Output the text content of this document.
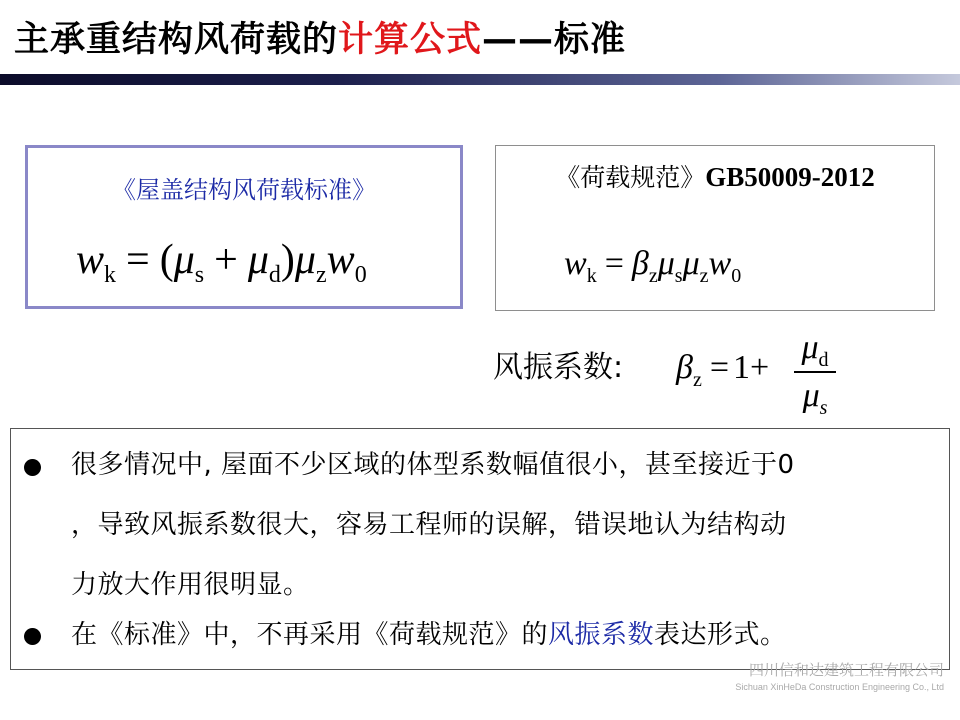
主承重结构风荷载的计算公式——标准
《屋盖结构风荷载标准》
$w_k = (\mu_s + \mu_d)\mu_zw_0$
《荷载规范》GB50009-2012
$w_k = \beta_z\mu_s\mu_zw_0$
风振系数: $\beta_z = 1+$
$\mu_d$
$\mu_s$
很多情况中, 屋面不少区域的体型系数幅值很小，甚至接近于0
，导致风振系数很大，容易工程师的误解，错误地认为结构动
力放大作用很明显。
在《标准》中，不再采用《荷载规范》的风振系数表达形式。
四川信和达建筑工程有限公司
Sichuan XinHeDa Construction Engineering Co., Ltd
